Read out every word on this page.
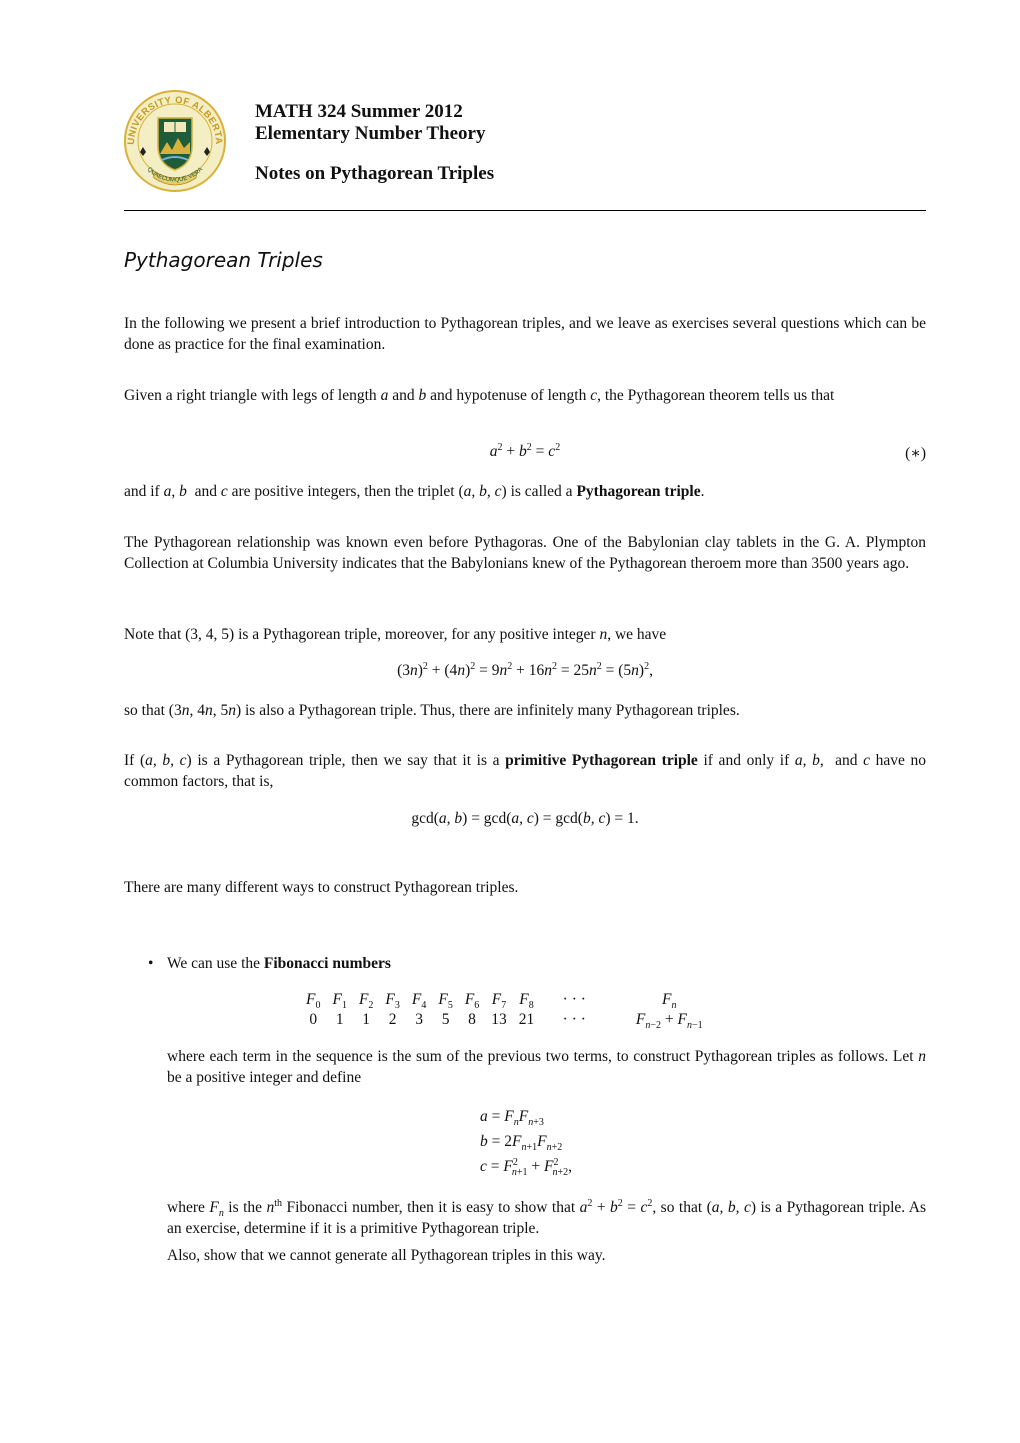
UNIVERSITY OF ALBERTA
QUAECUMQUE VERA
MATH 324 Summer 2012
Elementary Number Theory
Notes on Pythagorean Triples
Pythagorean Triples
In the following we present a brief introduction to Pythagorean triples, and we leave as exercises several questions which can be done as practice for the final examination.
Given a right triangle with legs of length a and b and hypotenuse of length c, the Pythagorean theorem tells us that
$a^2 + b^2 = c^2$	(∗)
and if a, b and c are positive integers, then the triplet (a, b, c) is called a Pythagorean triple.
The Pythagorean relationship was known even before Pythagoras. One of the Babylonian clay tablets in the G. A. Plympton Collection at Columbia University indicates that the Babylonians knew of the Pythagorean theroem more than 3500 years ago.
Note that (3, 4, 5) is a Pythagorean triple, moreover, for any positive integer n, we have
$(3n)^2 + (4n)^2 = 9n^2 + 16n^2 = 25n^2 = (5n)^2$,
so that (3n, 4n, 5n) is also a Pythagorean triple. Thus, there are infinitely many Pythagorean triples.
If (a, b, c) is a Pythagorean triple, then we say that it is a primitive Pythagorean triple if and only if a, b,  and c have no common factors, that is,
gcd(a, b) = gcd(a, c) = gcd(b, c) = 1.
There are many different ways to construct Pythagorean triples.
• We can use the Fibonacci numbers
$F_0$	$F_1$	$F_2$	$F_3$	$F_4$	$F_5$	$F_6$	$F_7$	$F_8$	· · ·	$F_n$
0	1	1	2	3	5	8	13	21	· · ·	$F_{n-2} + F_{n-1}$
where each term in the sequence is the sum of the previous two terms, to construct Pythagorean triples as follows. Let n be a positive integer and define
$a = F_nF_{n+3}$
$b = 2F_{n+1}F_{n+2}$
$c = F^2_{n+1} + F^2_{n+2}$,
where $F_n$ is the $n^{th}$ Fibonacci number, then it is easy to show that $a^2 + b^2 = c^2$, so that (a, b, c) is a Pythagorean triple. As an exercise, determine if it is a primitive Pythagorean triple.
Also, show that we cannot generate all Pythagorean triples in this way.
